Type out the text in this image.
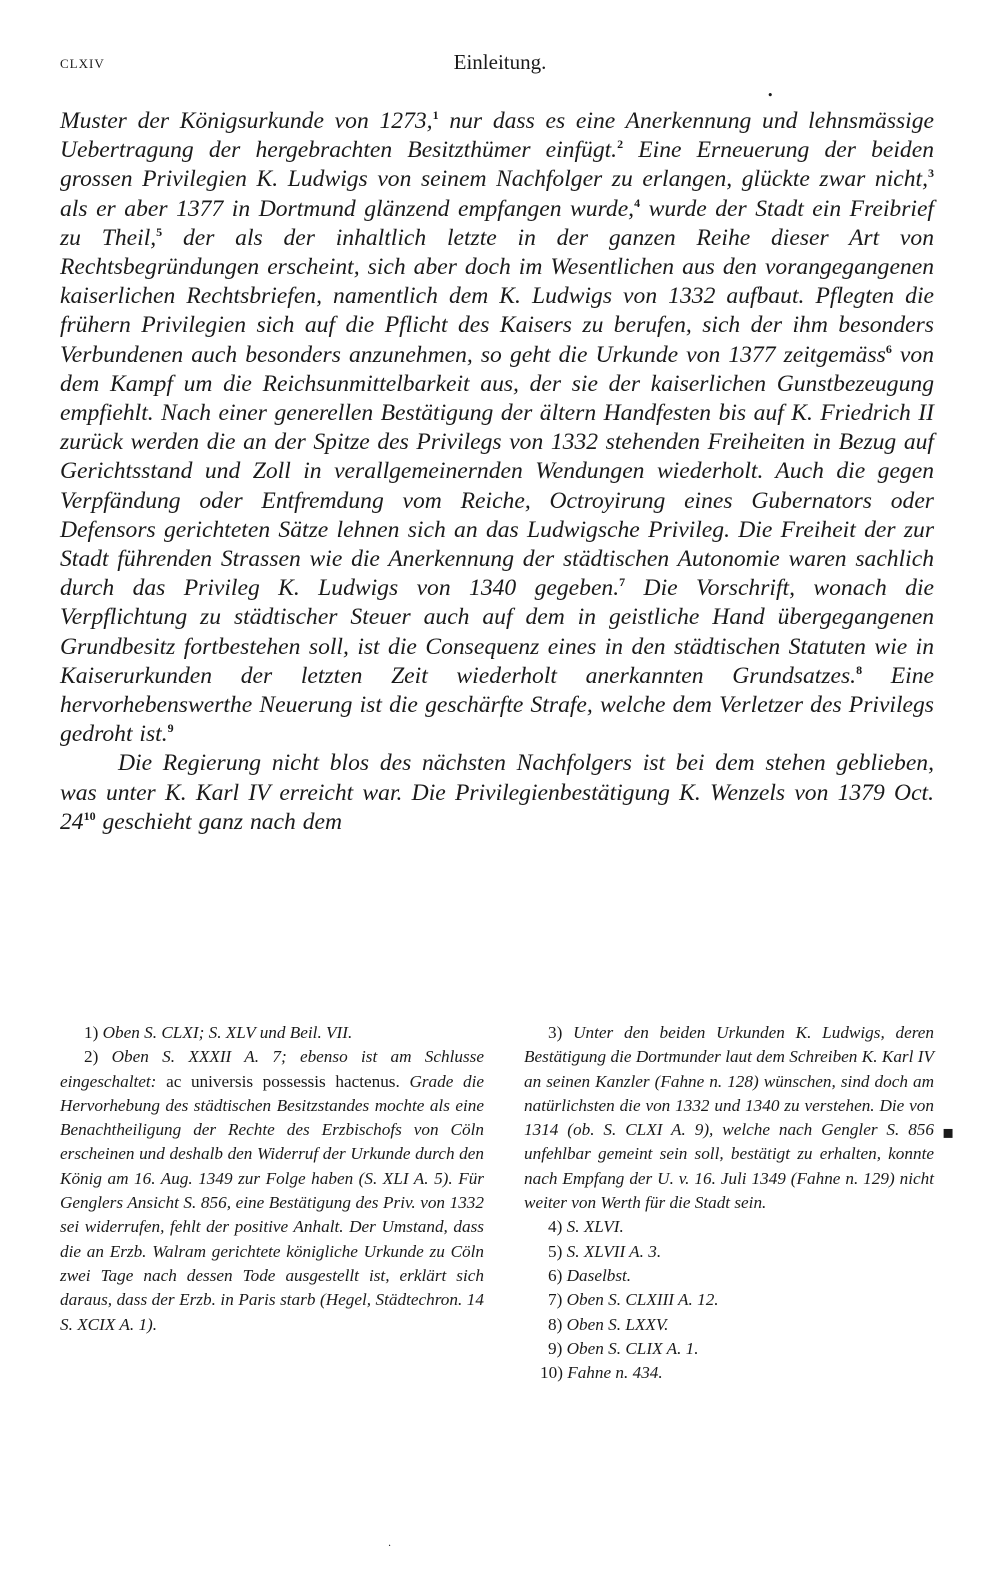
CLXIV	Einleitung.
•
▪
·

Muster der Königsurkunde von 1273,$^1$ nur dass es eine Anerkennung und lehnsmässige Uebertragung der hergebrachten Besitzthümer einfügt.$^2$ Eine Erneuerung der beiden grossen Privilegien K. Ludwigs von seinem Nachfolger zu erlangen, glückte zwar nicht,$^3$ als er aber 1377 in Dortmund glänzend empfangen wurde,$^4$ wurde der Stadt ein Freibrief zu Theil,$^5$ der als der inhaltlich letzte in der ganzen Reihe dieser Art von Rechtsbegründungen erscheint, sich aber doch im Wesentlichen aus den vorangegangenen kaiserlichen Rechtsbriefen, namentlich dem K. Ludwigs von 1332 aufbaut. Pflegten die frühern Privilegien sich auf die Pflicht des Kaisers zu berufen, sich der ihm besonders Verbundenen auch besonders anzunehmen, so geht die Urkunde von 1377 zeitgemäss$^6$ von dem Kampf um die Reichsunmittelbarkeit aus, der sie der kaiserlichen Gunstbezeugung empfiehlt. Nach einer generellen Bestätigung der ältern Handfesten bis auf K. Friedrich II zurück werden die an der Spitze des Privilegs von 1332 stehenden Freiheiten in Bezug auf Gerichtsstand und Zoll in verallgemeinernden Wendungen wiederholt. Auch die gegen Verpfändung oder Entfremdung vom Reiche, Octroyirung eines Gubernators oder Defensors gerichteten Sätze lehnen sich an das Ludwigsche Privileg. Die Freiheit der zur Stadt führenden Strassen wie die Anerkennung der städtischen Autonomie waren sachlich durch das Privileg K. Ludwigs von 1340 gegeben.$^7$ Die Vorschrift, wonach die Verpflichtung zu städtischer Steuer auch auf dem in geistliche Hand übergegangenen Grundbesitz fortbestehen soll, ist die Consequenz eines in den städtischen Statuten wie in Kaiserurkunden der letzten Zeit wiederholt anerkannten Grundsatzes.$^8$ Eine hervorhebenswerthe Neuerung ist die geschärfte Strafe, welche dem Verletzer des Privilegs gedroht ist.$^9$

Die Regierung nicht blos des nächsten Nachfolgers ist bei dem stehen geblieben, was unter K. Karl IV erreicht war. Die Privilegienbestätigung K. Wenzels von 1379 Oct. $24^{10}$ geschieht ganz nach dem

1) Oben S. CLXI; S. XLV und Beil. VII.

2) Oben S. XXXII A. 7; ebenso ist am Schlusse eingeschaltet: ac universis possessis hactenus. Grade die Hervorhebung des städtischen Besitzstandes mochte als eine Benachtheiligung der Rechte des Erzbischofs von Cöln erscheinen und deshalb den Widerruf der Urkunde durch den König am 16. Aug. 1349 zur Folge haben (S. XLI A. 5). Für Genglers Ansicht S. 856, eine Bestätigung des Priv. von 1332 sei widerrufen, fehlt der positive Anhalt. Der Umstand, dass die an Erzb. Walram gerichtete königliche Urkunde zu Cöln zwei Tage nach dessen Tode ausgestellt ist, erklärt sich daraus, dass der Erzb. in Paris starb (Hegel, Städtechron. 14 S. XCIX A. 1).

3) Unter den beiden Urkunden K. Ludwigs, deren Bestätigung die Dortmunder laut dem Schreiben K. Karl IV an seinen Kanzler (Fahne n. 128) wünschen, sind doch am natürlichsten die von 1332 und 1340 zu verstehen. Die von 1314 (ob. S. CLXI A. 9), welche nach Gengler S. 856 unfehlbar gemeint sein soll, bestätigt zu erhalten, konnte nach Empfang der U. v. 16. Juli 1349 (Fahne n. 129) nicht weiter von Werth für die Stadt sein.

4) S. XLVI.

5) S. XLVII A. 3.

6) Daselbst.

7) Oben S. CLXIII A. 12.

8) Oben S. LXXV.

9) Oben S. CLIX A. 1.

10) Fahne n. 434.
